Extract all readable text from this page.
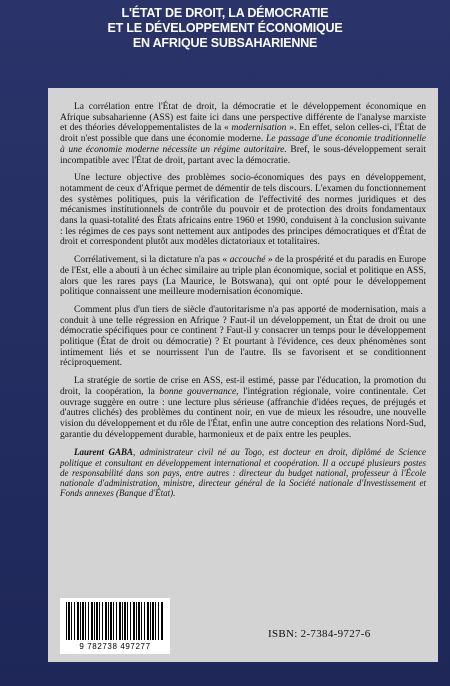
L'ÉTAT DE DROIT, LA DÉMOCRATIE
ET LE DÉVELOPPEMENT ÉCONOMIQUE
EN AFRIQUE SUBSAHARIENNE

La corrélation entre l'État de droit, la démocratie et le développement économique en Afrique subsaharienne (ASS) est faite ici dans une perspective différente de l'analyse marxiste et des théories développementalistes de la « modernisation ». En effet, selon celles-ci, l'État de droit n'est possible que dans une économie moderne. Le passage d'une économie traditionnelle à une économie moderne nécessite un régime autoritaire. Bref, le sous-développement serait incompatible avec l'État de droit, partant avec la démocratie.

Une lecture objective des problèmes socio-économiques des pays en développement, notamment de ceux d'Afrique permet de démentir de tels discours. L'examen du fonctionnement des systèmes politiques, puis la vérification de l'effectivité des normes juridiques et des mécanismes institutionnels de contrôle du pouvoir et de protection des droits fondamentaux dans la quasi-totalité des États africains entre 1960 et 1990, conduisent à la conclusion suivante : les régimes de ces pays sont nettement aux antipodes des principes démocratiques et d'État de droit et correspondent plutôt aux modèles dictatoriaux et totalitaires.

Corrélativement, si la dictature n'a pas « accouché » de la prospérité et du paradis en Europe de l'Est, elle a abouti à un échec similaire au triple plan économique, social et politique en ASS, alors que les rares pays (La Maurice, le Botswana), qui ont opté pour le développement politique connaissent une meilleure modernisation économique.

Comment plus d'un tiers de siècle d'autoritarisme n'a pas apporté de modernisation, mais a conduit à une telle régression en Afrique ? Faut-il un développement, un État de droit ou une démocratie spécifiques pour ce continent ? Faut-il y consacrer un temps pour le développement politique (État de droit ou démocratie) ? Et pourtant à l'évidence, ces deux phénomènes sont intimement liés et se nourrissent l'un de l'autre. Ils se favorisent et se conditionnent réciproquement.

La stratégie de sortie de crise en ASS, est-il estimé, passe par l'éducation, la promotion du droit, la coopération, la bonne gouvernance, l'intégration régionale, voire continentale. Cet ouvrage suggère en outre : une lecture plus sérieuse (affranchie d'idées reçues, de préjugés et d'autres clichés) des problèmes du continent noir, en vue de mieux les résoudre, une nouvelle vision du développement et du rôle de l'État, enfin une autre conception des relations Nord-Sud, garantie du développement durable, harmonieux et de paix entre les peuples.

Laurent GABA, administrateur civil né au Togo, est docteur en droit, diplômé de Science politique et consultant en développement international et coopération. Il a occupé plusieurs postes de responsabilité dans son pays, entre autres : directeur du budget national, professeur à l'École nationale d'administration, ministre, directeur général de la Société nationale d'Investissement et Fonds annexes (Banque d'État).

9 782738 497277
ISBN: 2-7384-9727-6
